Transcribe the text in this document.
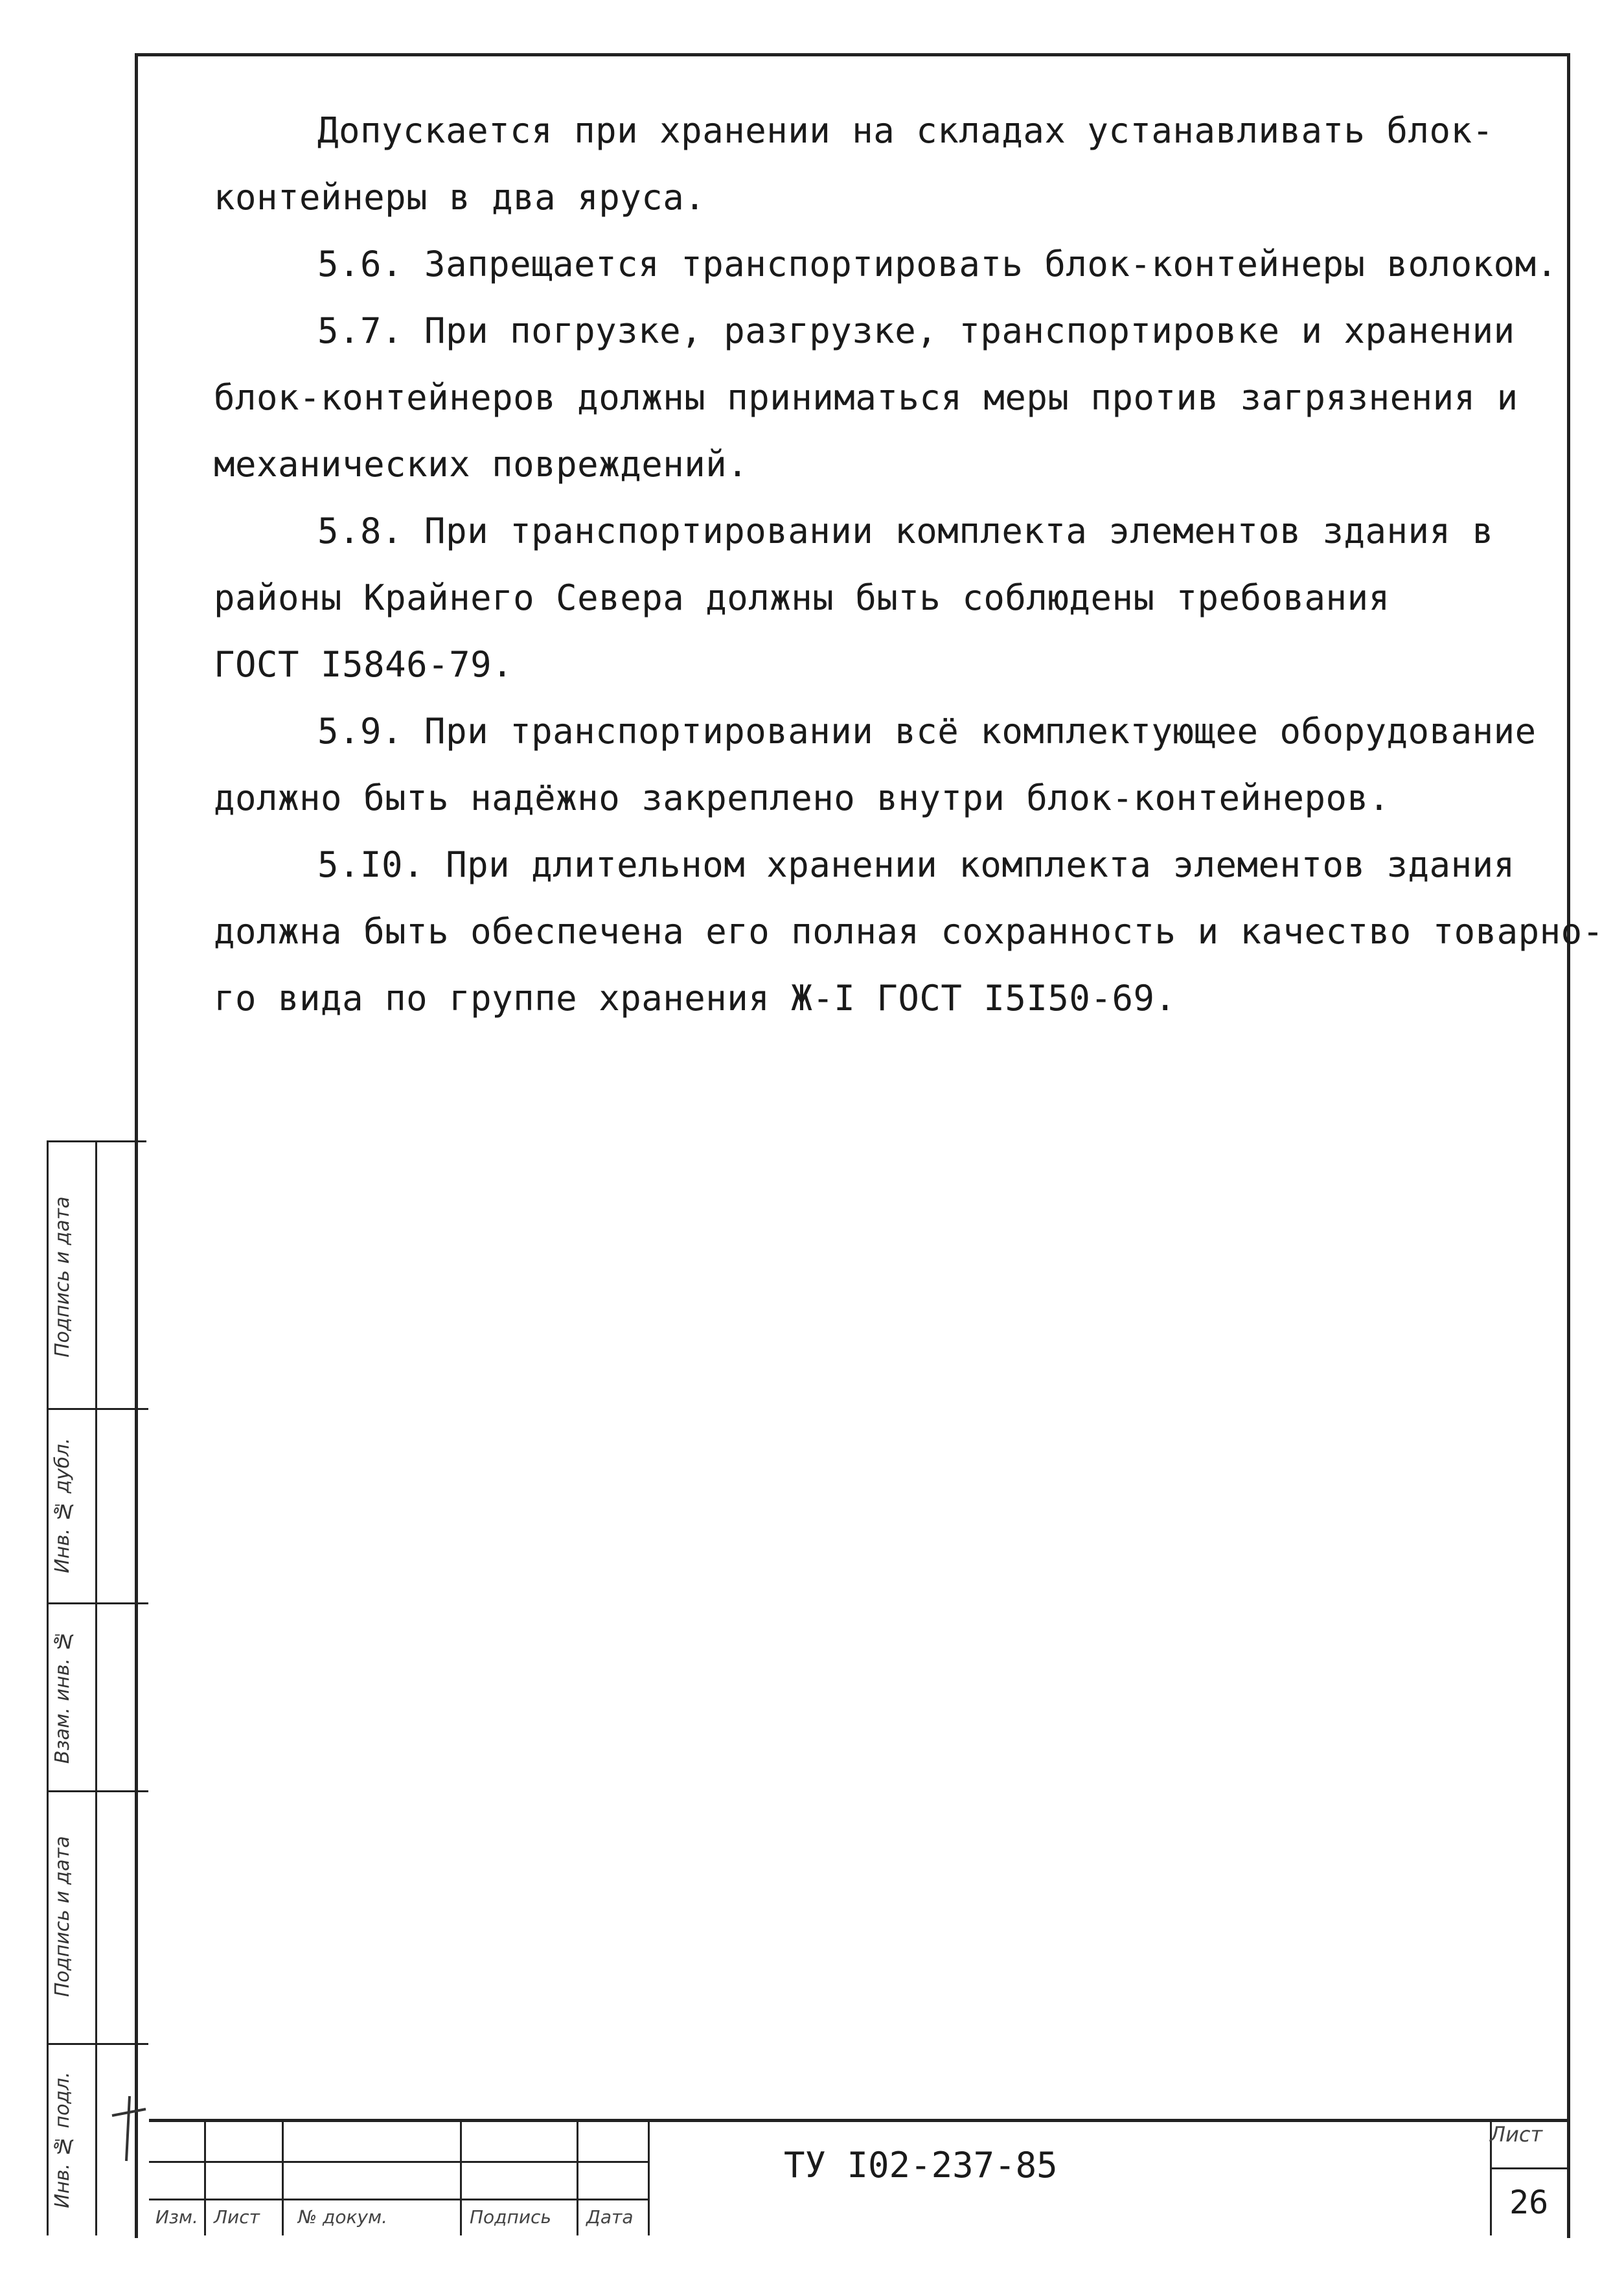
Допускается при хранении на складах устанавливать блок-
контейнеры в два яруса.

5.6. Запрещается транспортировать блок-контейнеры волоком.

5.7. При погрузке, разгрузке, транспортировке и хранении
блок-контейнеров должны приниматься меры против загрязнения и
механических повреждений.

5.8. При транспортировании комплекта элементов здания в
районы Крайнего Севера должны быть соблюдены требования
ГОСТ I5846-79.

5.9. При транспортировании всё комплектующее оборудование
должно быть надёжно закреплено внутри блок-контейнеров.

5.I0. При длительном хранении комплекта элементов здания
должна быть обеспечена его полная сохранность и качество товарно-
го вида по группе хранения Ж-I ГОСТ I5I50-69.

Подпись и дата
Инв. № дубл.
Взам. инв. №
Подпись и дата
Инв. № подл.
Изм. Лист № докум.	Подпись Дата
ТУ I02-237-85
Лист
26
